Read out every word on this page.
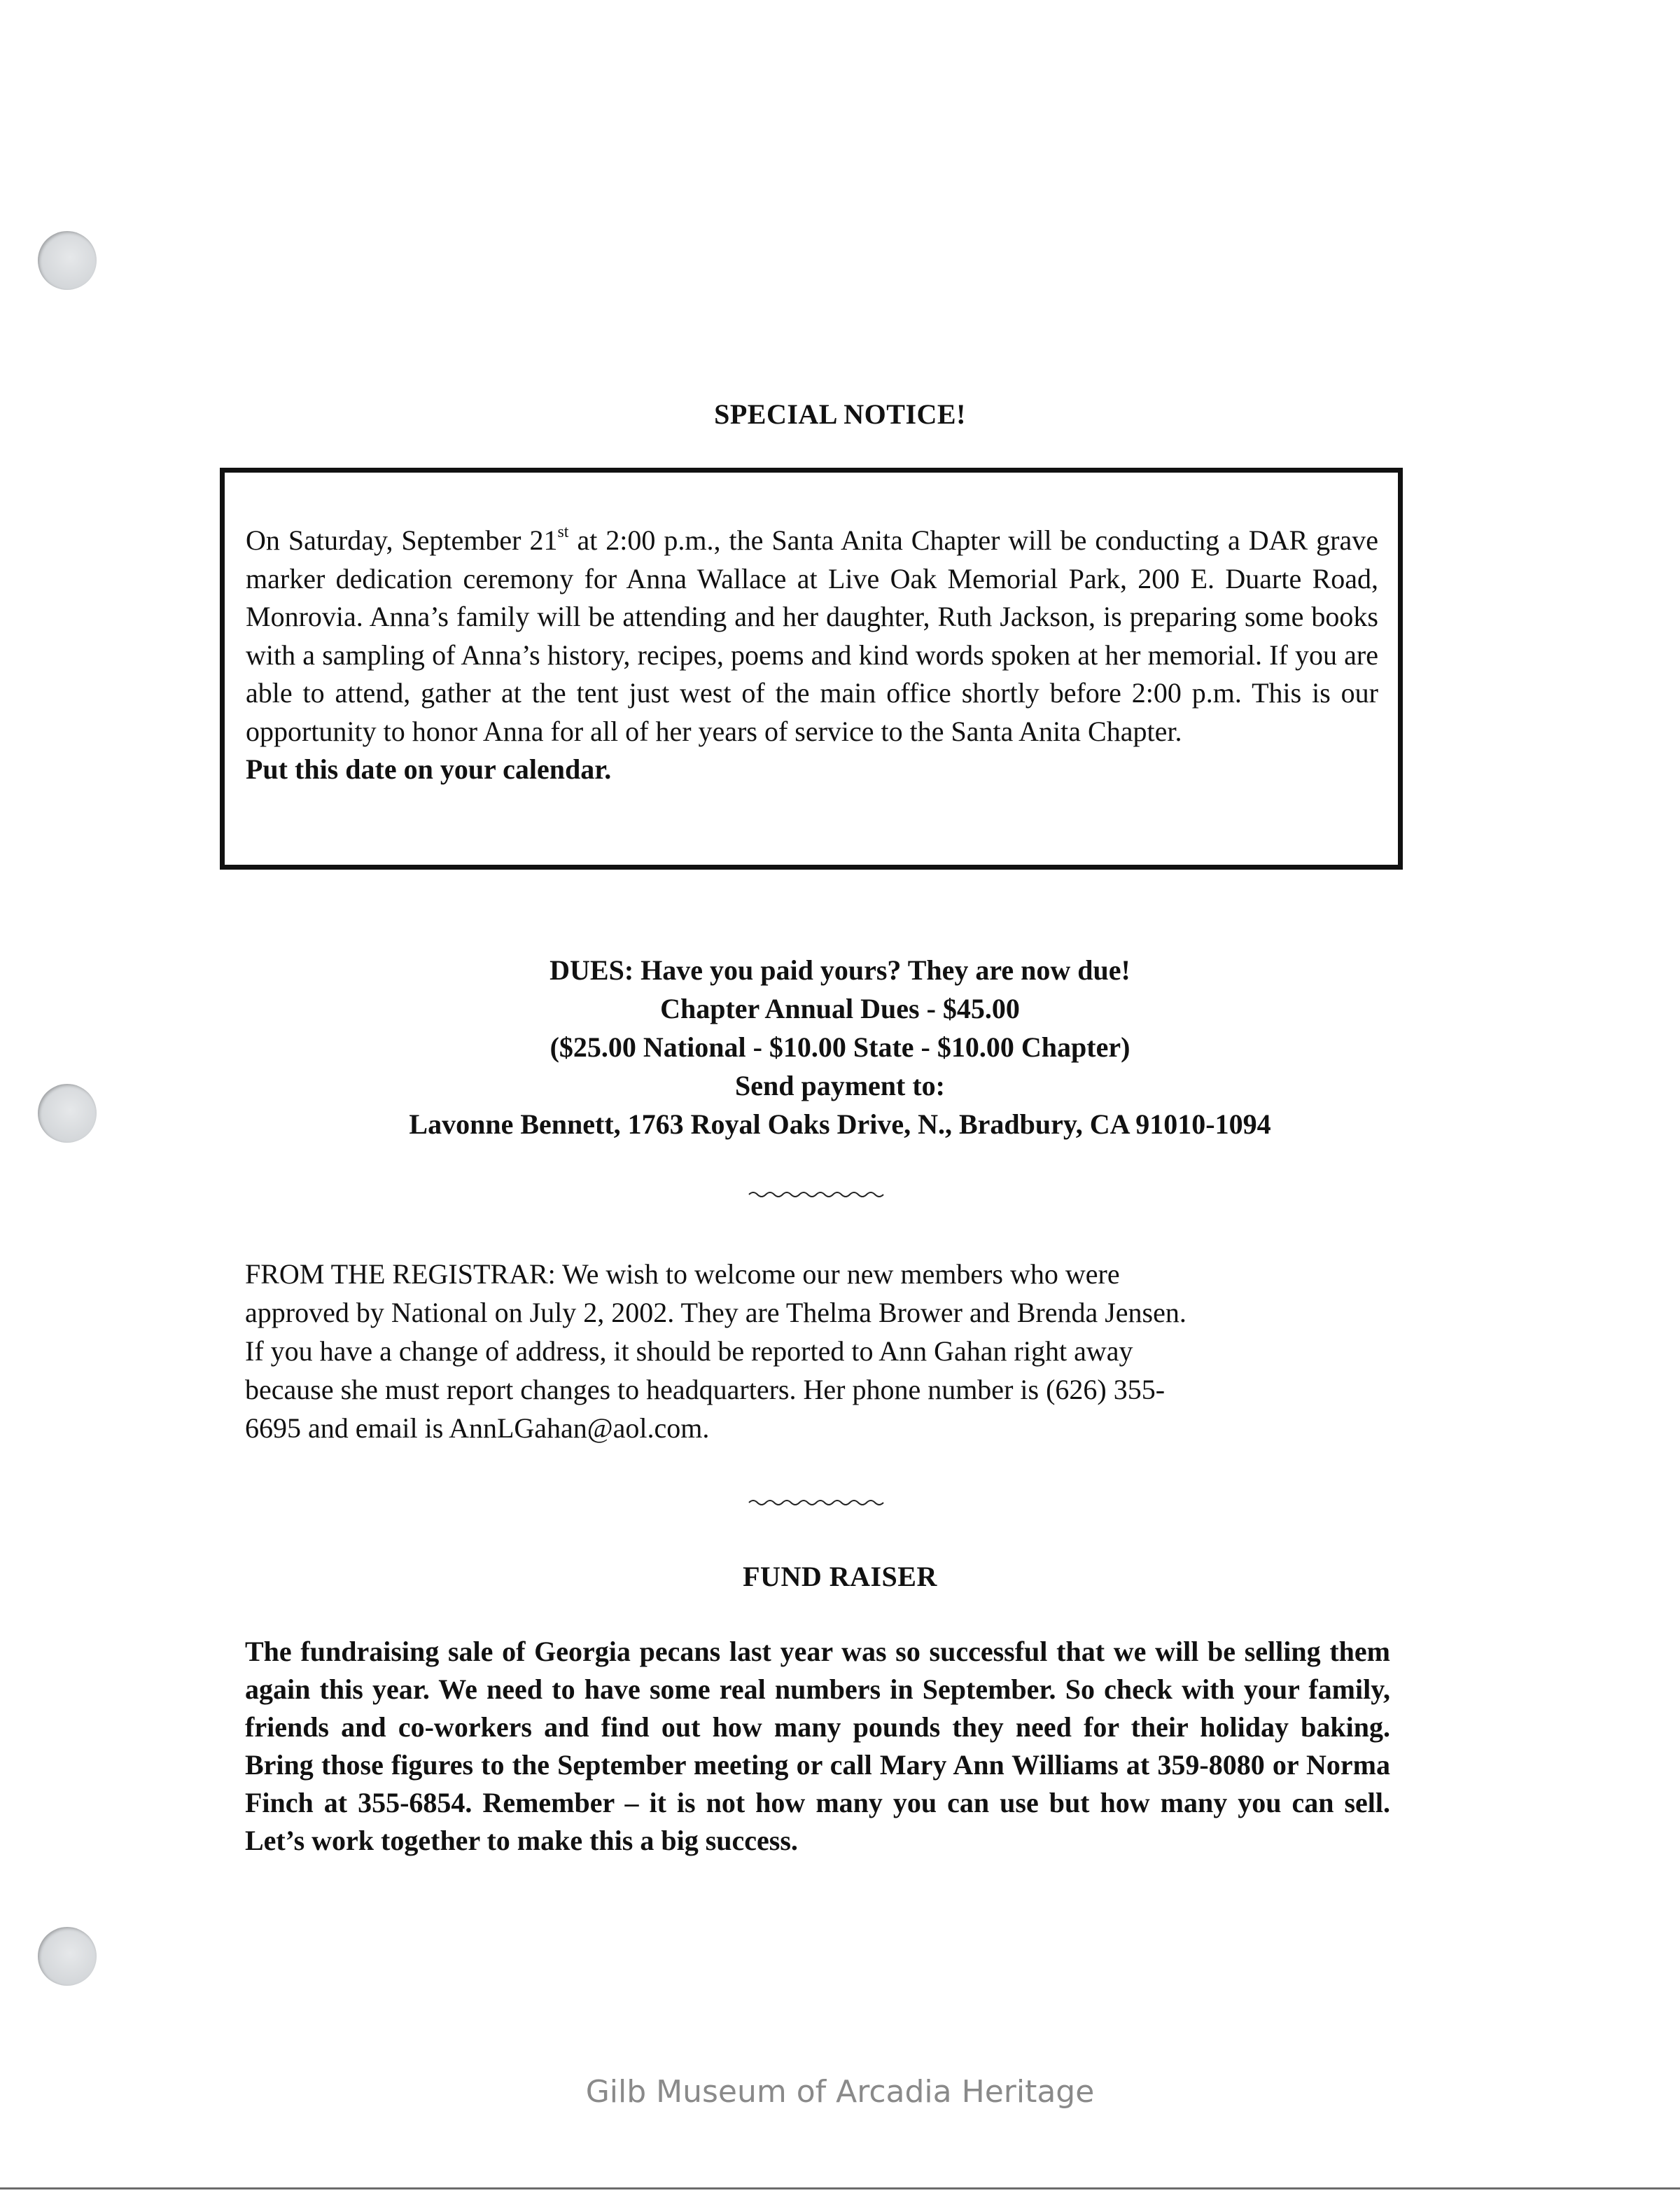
SPECIAL NOTICE!
On Saturday, September 21st at 2:00 p.m., the Santa Anita Chapter will be conducting a DAR grave marker dedication ceremony for Anna Wallace at Live Oak Memorial Park, 200 E. Duarte Road, Monrovia. Anna’s family will be attending and her daughter, Ruth Jackson, is preparing some books with a sampling of Anna’s history, recipes, poems and kind words spoken at her memorial. If you are able to attend, gather at the tent just west of the main office shortly before 2:00 p.m. This is our opportunity to honor Anna for all of her years of service to the Santa Anita Chapter.
Put this date on your calendar.
DUES: Have you paid yours? They are now due!
Chapter Annual Dues - $45.00
($25.00 National - $10.00 State - $10.00 Chapter)
Send payment to:
Lavonne Bennett, 1763 Royal Oaks Drive, N., Bradbury, CA 91010-1094
FROM THE REGISTRAR: We wish to welcome our new members who were
approved by National on July 2, 2002. They are Thelma Brower and Brenda Jensen.
If you have a change of address, it should be reported to Ann Gahan right away
because she must report changes to headquarters. Her phone number is (626) 355-
6695 and email is AnnLGahan@aol.com.
FUND RAISER
The fundraising sale of Georgia pecans last year was so successful that we will be selling them again this year. We need to have some real numbers in September. So check with your family, friends and co-workers and find out how many pounds they need for their holiday baking. Bring those figures to the September meeting or call Mary Ann Williams at 359-8080 or Norma Finch at 355-6854. Remember – it is not how many you can use but how many you can sell. Let’s work together to make this a big success.
Gilb Museum of Arcadia Heritage
